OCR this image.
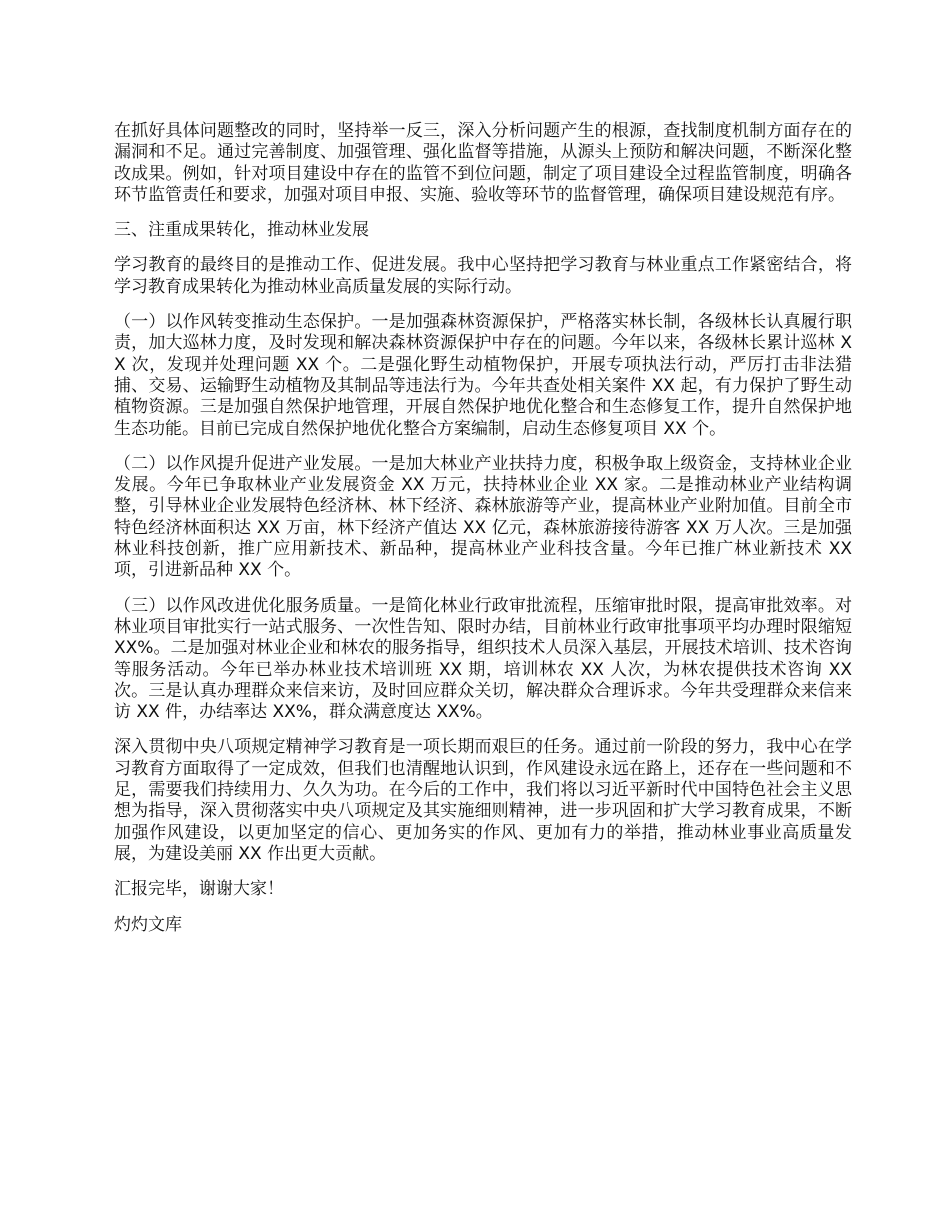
在抓好具体问题整改的同时，坚持举一反三，深入分析问题产生的根源，查找制度机制方面存在的漏洞和不足。通过完善制度、加强管理、强化监督等措施，从源头上预防和解决问题，不断深化整改成果。例如，针对项目建设中存在的监管不到位问题，制定了项目建设全过程监管制度，明确各环节监管责任和要求，加强对项目申报、实施、验收等环节的监督管理，确保项目建设规范有序。

三、注重成果转化，推动林业发展

学习教育的最终目的是推动工作、促进发展。我中心坚持把学习教育与林业重点工作紧密结合，将学习教育成果转化为推动林业高质量发展的实际行动。

（一）以作风转变推动生态保护。一是加强森林资源保护，严格落实林长制，各级林长认真履行职责，加大巡林力度，及时发现和解决森林资源保护中存在的问题。今年以来，各级林长累计巡林 XX 次，发现并处理问题 XX 个。二是强化野生动植物保护，开展专项执法行动，严厉打击非法猎捕、交易、运输野生动植物及其制品等违法行为。今年共查处相关案件 XX 起，有力保护了野生动植物资源。三是加强自然保护地管理，开展自然保护地优化整合和生态修复工作，提升自然保护地生态功能。目前已完成自然保护地优化整合方案编制，启动生态修复项目 XX 个。

（二）以作风提升促进产业发展。一是加大林业产业扶持力度，积极争取上级资金，支持林业企业发展。今年已争取林业产业发展资金 XX 万元，扶持林业企业 XX 家。二是推动林业产业结构调整，引导林业企业发展特色经济林、林下经济、森林旅游等产业，提高林业产业附加值。目前全市特色经济林面积达 XX 万亩，林下经济产值达 XX 亿元，森林旅游接待游客 XX 万人次。三是加强林业科技创新，推广应用新技术、新品种，提高林业产业科技含量。今年已推广林业新技术 XX 项，引进新品种 XX 个。

（三）以作风改进优化服务质量。一是简化林业行政审批流程，压缩审批时限，提高审批效率。对林业项目审批实行一站式服务、一次性告知、限时办结，目前林业行政审批事项平均办理时限缩短 XX%。二是加强对林业企业和林农的服务指导，组织技术人员深入基层，开展技术培训、技术咨询等服务活动。今年已举办林业技术培训班 XX 期，培训林农 XX 人次，为林农提供技术咨询 XX 次。三是认真办理群众来信来访，及时回应群众关切，解决群众合理诉求。今年共受理群众来信来访 XX 件，办结率达 XX%，群众满意度达 XX%。

深入贯彻中央八项规定精神学习教育是一项长期而艰巨的任务。通过前一阶段的努力，我中心在学习教育方面取得了一定成效，但我们也清醒地认识到，作风建设永远在路上，还存在一些问题和不足，需要我们持续用力、久久为功。在今后的工作中，我们将以习近平新时代中国特色社会主义思想为指导，深入贯彻落实中央八项规定及其实施细则精神，进一步巩固和扩大学习教育成果，不断加强作风建设，以更加坚定的信心、更加务实的作风、更加有力的举措，推动林业事业高质量发展，为建设美丽 XX 作出更大贡献。

汇报完毕，谢谢大家！

灼灼文库
